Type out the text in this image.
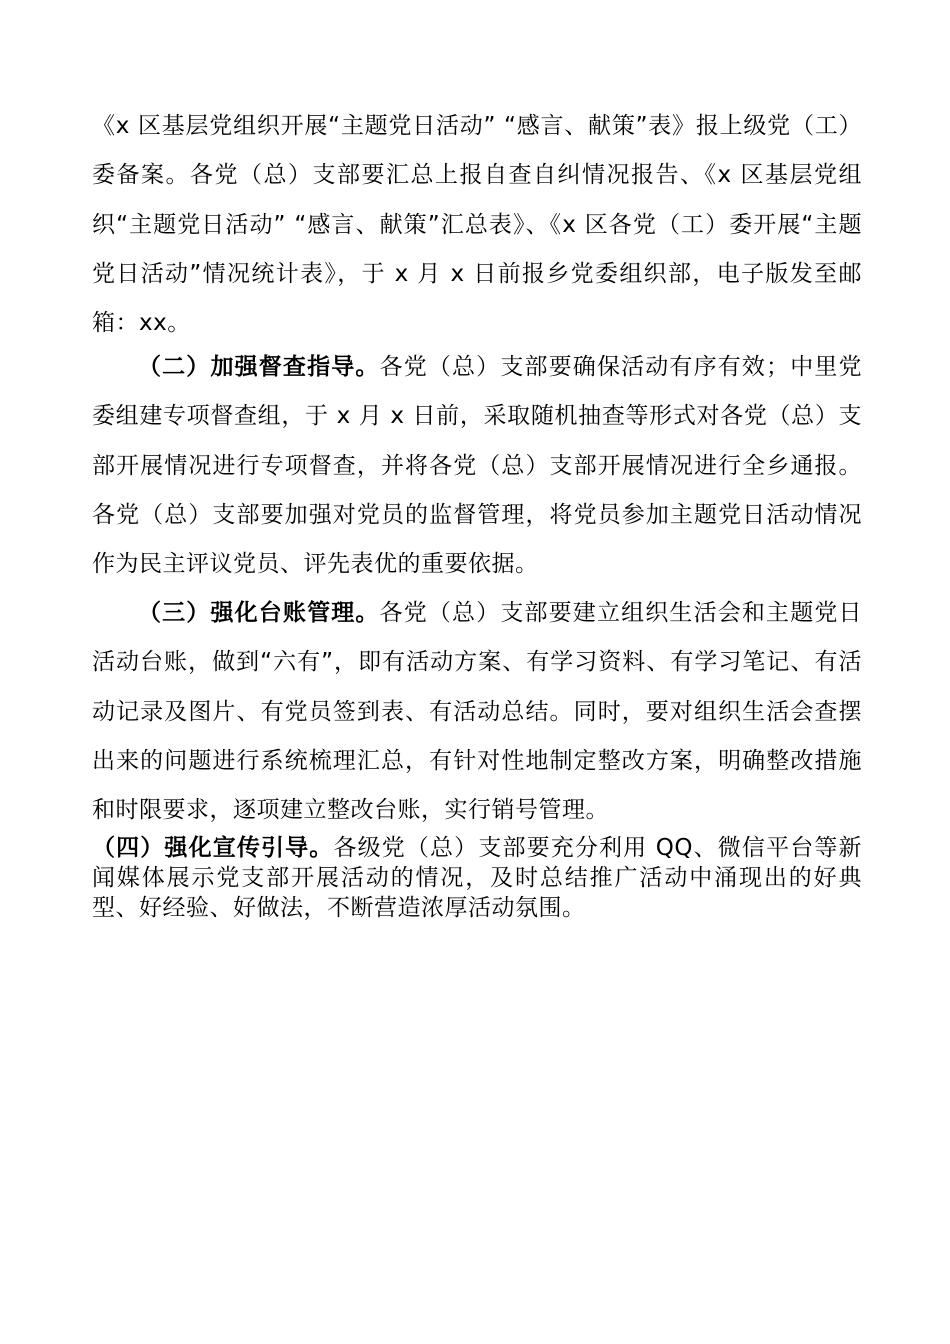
《x 区基层党组织开展“主题党日活动” “感言、献策”表》报上级党（工）委备案。各党（总）支部要汇总上报自查自纠情况报告、《x 区基层党组织“主题党日活动” “感言、献策”汇总表》、《x 区各党（工）委开展“主题党日活动”情况统计表》，于 x 月 x 日前报乡党委组织部，电子版发至邮箱：xx。

（二）加强督查指导。各党（总）支部要确保活动有序有效；中里党委组建专项督查组，于 x 月 x 日前，采取随机抽查等形式对各党（总）支部开展情况进行专项督查，并将各党（总）支部开展情况进行全乡通报。各党（总）支部要加强对党员的监督管理，将党员参加主题党日活动情况作为民主评议党员、评先表优的重要依据。

（三）强化台账管理。各党（总）支部要建立组织生活会和主题党日活动台账，做到“六有”，即有活动方案、有学习资料、有学习笔记、有活动记录及图片、有党员签到表、有活动总结。同时，要对组织生活会查摆出来的问题进行系统梳理汇总，有针对性地制定整改方案，明确整改措施和时限要求，逐项建立整改台账，实行销号管理。

（四）强化宣传引导。各级党（总）支部要充分利用 QQ、微信平台等新闻媒体展示党支部开展活动的情况，及时总结推广活动中涌现出的好典型、好经验、好做法，不断营造浓厚活动氛围。
